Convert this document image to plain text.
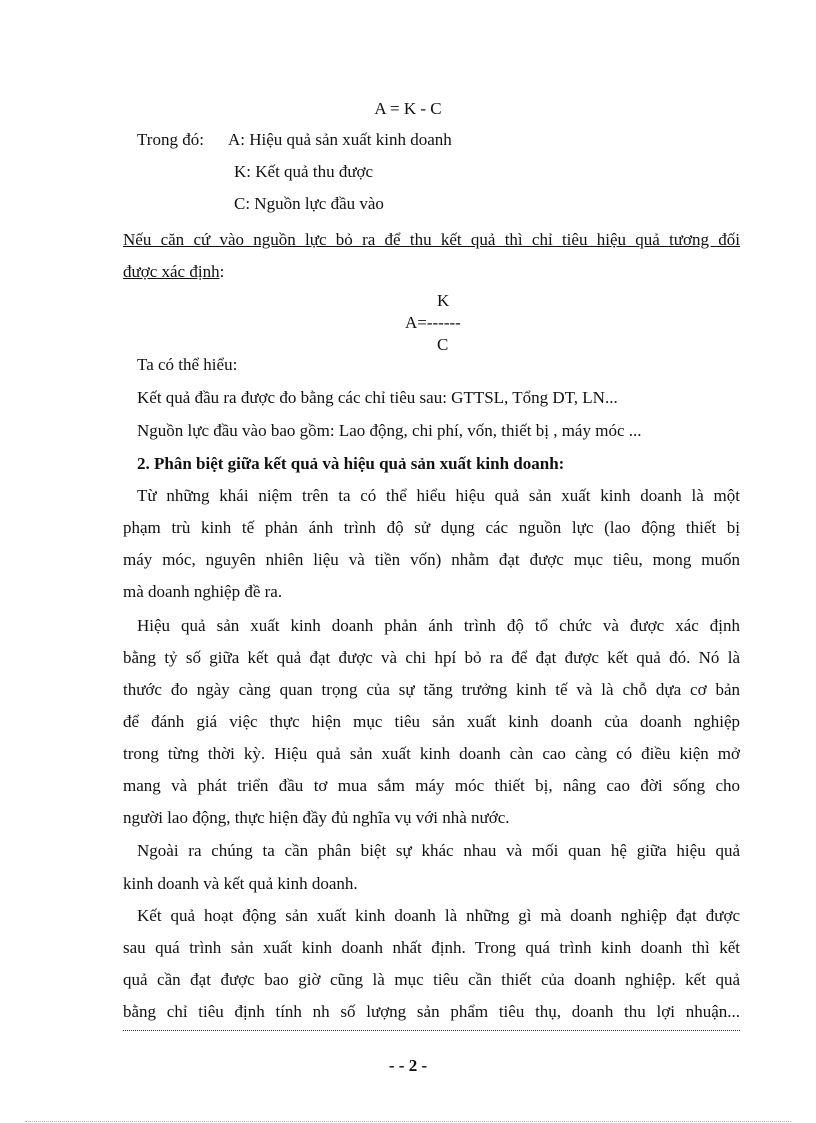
A = K - C
Trong đó: A: Hiệu quả sản xuất kinh doanh
K: Kết quả thu được
C: Nguồn lực đầu vào
Nếu căn cứ vào nguồn lực bỏ ra để thu kết quả thì chỉ tiêu hiệu quả tương đối
được xác định:
K
A=------
C
Ta có thể hiểu:
Kết quả đầu ra được đo bằng các chỉ tiêu sau: GTTSL, Tổng DT, LN...
Nguồn lực đầu vào bao gồm: Lao động, chi phí, vốn, thiết bị , máy móc ...
2. Phân biệt giữa kết quả và hiệu quả sản xuất kinh doanh:
Từ những khái niệm trên ta có thể hiểu hiệu quả sản xuất kinh doanh là một
phạm trù kinh tế phản ánh trình độ sử dụng các nguồn lực (lao động thiết bị
máy móc, nguyên nhiên liệu và tiền vốn) nhằm đạt được mục tiêu, mong muốn
mà doanh nghiệp đề ra.
Hiệu quả sản xuất kinh doanh phản ánh trình độ tổ chức và được xác định
bằng tỷ số giữa kết quả đạt được và chi hpí bỏ ra để đạt được kết quả đó. Nó là
thước đo ngày càng quan trọng của sự tăng trưởng kinh tế và là chỗ dựa cơ bản
để đánh giá việc thực hiện mục tiêu sản xuất kinh doanh của doanh nghiệp
trong từng thời kỳ. Hiệu quả sản xuất kinh doanh càn cao càng có điều kiện mở
mang và phát triển đầu tơ mua sắm máy móc thiết bị, nâng cao đời sống cho
người lao động, thực hiện đầy đủ nghĩa vụ với nhà nước.
Ngoài ra chúng ta cần phân biệt sự khác nhau và mối quan hệ giữa hiệu quả
kinh doanh và kết quả kinh doanh.
Kết quả hoạt động sản xuất kinh doanh là những gì mà doanh nghiệp đạt được
sau quá trình sản xuất kinh doanh nhất định. Trong quá trình kinh doanh thì kết
quả cần đạt được bao giờ cũng là mục tiêu cần thiết của doanh nghiệp. kết quả
bằng chỉ tiêu định tính nh số lượng sản phẩm tiêu thụ, doanh thu lợi nhuận...
- - 2 -
